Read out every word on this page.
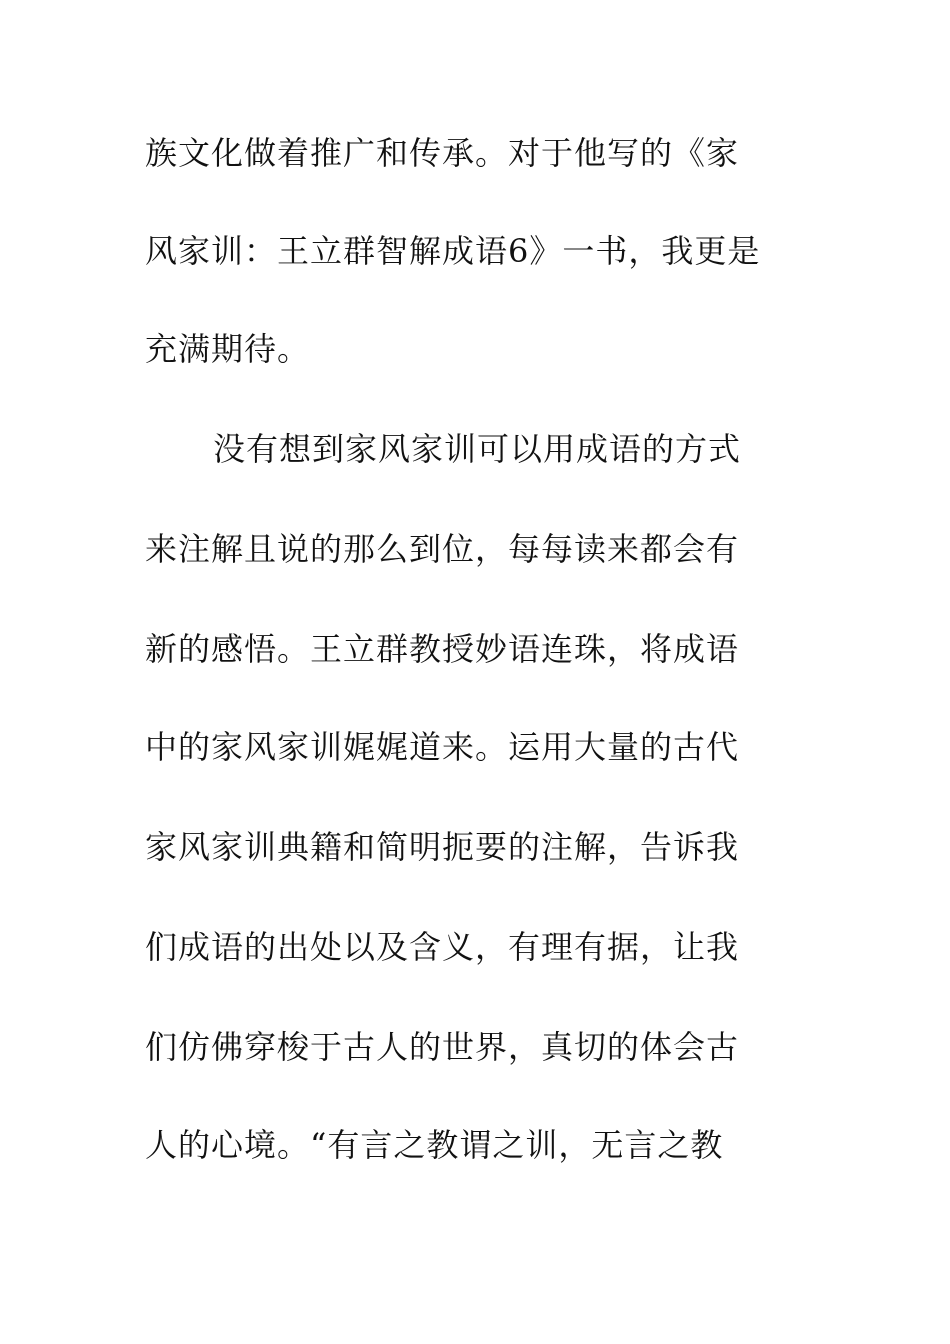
族文化做着推广和传承。对于他写的《家
风家训：王立群智解成语6》一书，我更是
充满期待。
没有想到家风家训可以用成语的方式
来注解且说的那么到位，每每读来都会有
新的感悟。王立群教授妙语连珠，将成语
中的家风家训娓娓道来。运用大量的古代
家风家训典籍和简明扼要的注解，告诉我
们成语的出处以及含义，有理有据，让我
们仿佛穿梭于古人的世界，真切的体会古
人的心境。“有言之教谓之训，无言之教
